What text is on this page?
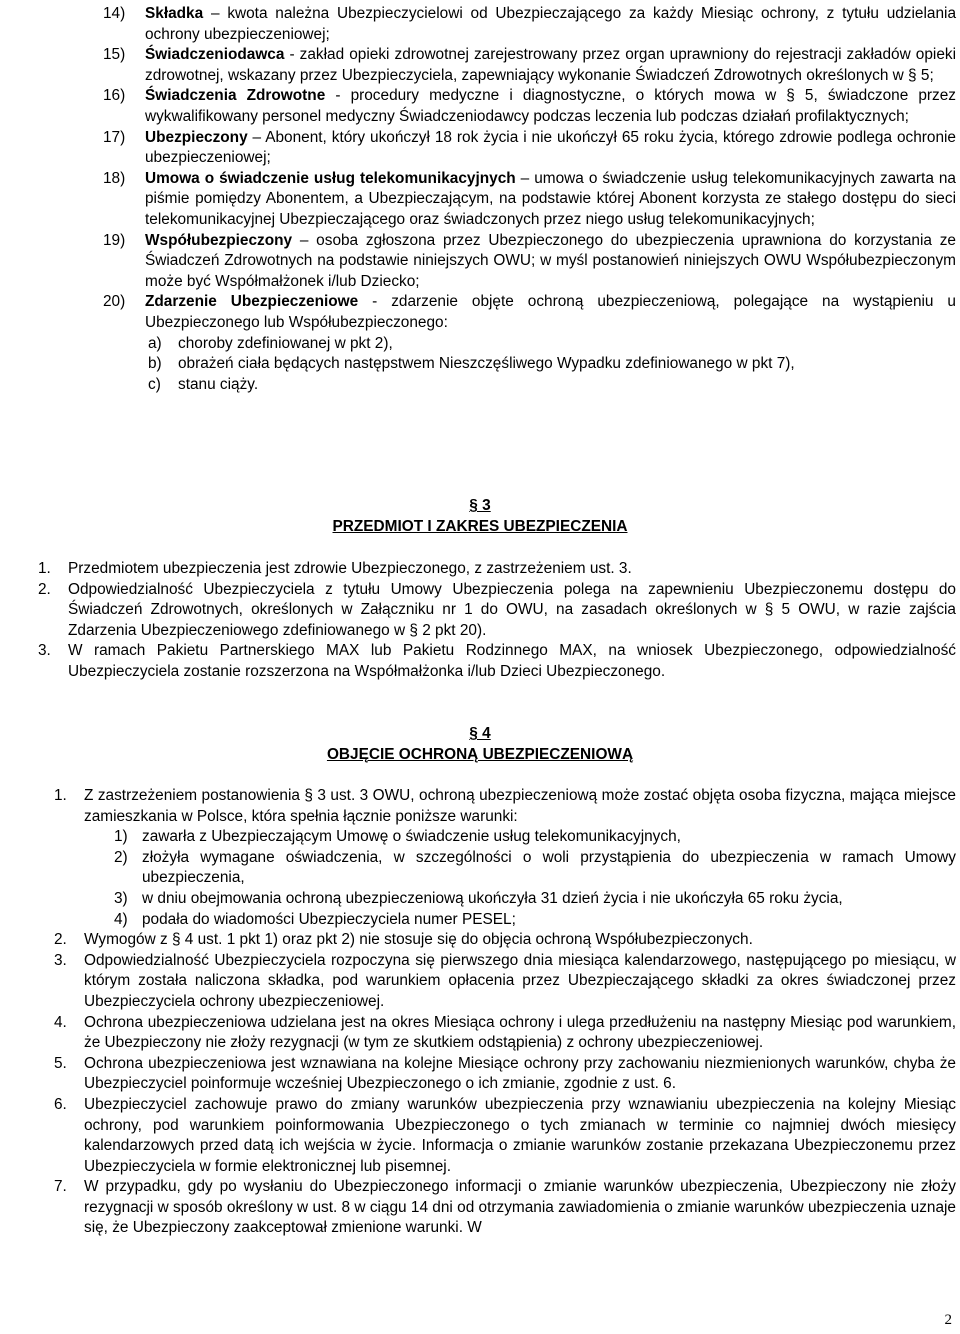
14)	Składka – kwota należna Ubezpieczycielowi od Ubezpieczającego za każdy Miesiąc ochrony, z tytułu udzielania ochrony ubezpieczeniowej;
15)	Świadczeniodawca - zakład opieki zdrowotnej zarejestrowany przez organ uprawniony do rejestracji zakładów opieki zdrowotnej, wskazany przez Ubezpieczyciela, zapewniający wykonanie Świadczeń Zdrowotnych określonych w § 5;
16)	Świadczenia Zdrowotne - procedury medyczne i diagnostyczne, o których mowa w § 5, świadczone przez wykwalifikowany personel medyczny Świadczeniodawcy podczas leczenia lub podczas działań profilaktycznych;
17)	Ubezpieczony – Abonent, który ukończył 18 rok życia i nie ukończył 65 roku życia, którego zdrowie podlega ochronie ubezpieczeniowej;
18)	Umowa o świadczenie usług telekomunikacyjnych – umowa o świadczenie usług telekomunikacyjnych zawarta na piśmie pomiędzy Abonentem, a Ubezpieczającym, na podstawie której Abonent korzysta ze stałego dostępu do sieci telekomunikacyjnej Ubezpieczającego oraz świadczonych przez niego usług telekomunikacyjnych;
19)	Współubezpieczony – osoba zgłoszona przez Ubezpieczonego do ubezpieczenia uprawniona do korzystania ze Świadczeń Zdrowotnych na podstawie niniejszych OWU; w myśl postanowień niniejszych OWU Współubezpieczonym może być Współmałżonek i/lub Dziecko;
20)	Zdarzenie Ubezpieczeniowe - zdarzenie objęte ochroną ubezpieczeniową, polegające na wystąpieniu u Ubezpieczonego lub Współubezpieczonego:
a)	choroby zdefiniowanej w pkt 2),
b)	obrażeń ciała będących następstwem Nieszczęśliwego Wypadku zdefiniowanego w pkt 7),
c)	stanu ciąży.
§ 3
PRZEDMIOT I ZAKRES UBEZPIECZENIA
1.	Przedmiotem ubezpieczenia jest zdrowie Ubezpieczonego, z zastrzeżeniem ust. 3.
2.	Odpowiedzialność Ubezpieczyciela z tytułu Umowy Ubezpieczenia polega na zapewnieniu Ubezpieczonemu dostępu do Świadczeń Zdrowotnych, określonych w Załączniku nr 1 do OWU, na zasadach określonych w § 5 OWU, w razie zajścia Zdarzenia Ubezpieczeniowego zdefiniowanego w § 2 pkt 20).
3.	W ramach Pakietu Partnerskiego MAX lub Pakietu Rodzinnego MAX, na wniosek Ubezpieczonego, odpowiedzialność Ubezpieczyciela zostanie rozszerzona na Współmałżonka i/lub Dzieci Ubezpieczonego.
§ 4
OBJĘCIE OCHRONĄ UBEZPIECZENIOWĄ
1.	Z zastrzeżeniem postanowienia § 3 ust. 3 OWU, ochroną ubezpieczeniową może zostać objęta osoba fizyczna, mająca miejsce zamieszkania w Polsce, która spełnia łącznie poniższe warunki:
1) zawarła z Ubezpieczającym Umowę o świadczenie usług telekomunikacyjnych,
2) złożyła wymagane oświadczenia, w szczególności o woli przystąpienia do ubezpieczenia w ramach Umowy ubezpieczenia,
3) w dniu obejmowania ochroną ubezpieczeniową ukończyła 31 dzień życia i nie ukończyła 65 roku życia,
4) podała do wiadomości Ubezpieczyciela numer PESEL;
2.	Wymogów z § 4 ust. 1 pkt 1) oraz pkt 2) nie stosuje się do objęcia ochroną Współubezpieczonych.
3.	Odpowiedzialność Ubezpieczyciela rozpoczyna się pierwszego dnia miesiąca kalendarzowego, następującego po miesiącu, w którym została naliczona składka, pod warunkiem opłacenia przez Ubezpieczającego składki za okres świadczonej przez Ubezpieczyciela ochrony ubezpieczeniowej.
4.	Ochrona ubezpieczeniowa udzielana jest na okres Miesiąca ochrony i ulega przedłużeniu na następny Miesiąc pod warunkiem, że Ubezpieczony nie złoży rezygnacji (w tym ze skutkiem odstąpienia) z ochrony ubezpieczeniowej.
5.	Ochrona ubezpieczeniowa jest wznawiana na kolejne Miesiące ochrony przy zachowaniu niezmienionych warunków, chyba że Ubezpieczyciel poinformuje wcześniej Ubezpieczonego o ich zmianie, zgodnie z ust. 6.
6.	Ubezpieczyciel zachowuje prawo do zmiany warunków ubezpieczenia przy wznawianiu ubezpieczenia na kolejny Miesiąc ochrony, pod warunkiem poinformowania Ubezpieczonego o tych zmianach w terminie co najmniej dwóch miesięcy kalendarzowych przed datą ich wejścia w życie. Informacja o zmianie warunków zostanie przekazana Ubezpieczonemu przez Ubezpieczyciela w formie elektronicznej lub pisemnej.
7.	W przypadku, gdy po wysłaniu do Ubezpieczonego informacji o zmianie warunków ubezpieczenia, Ubezpieczony nie złoży rezygnacji w sposób określony w ust. 8 w ciągu 14 dni od otrzymania zawiadomienia o zmianie warunków ubezpieczenia uznaje się, że Ubezpieczony zaakceptował zmienione warunki. W
2
